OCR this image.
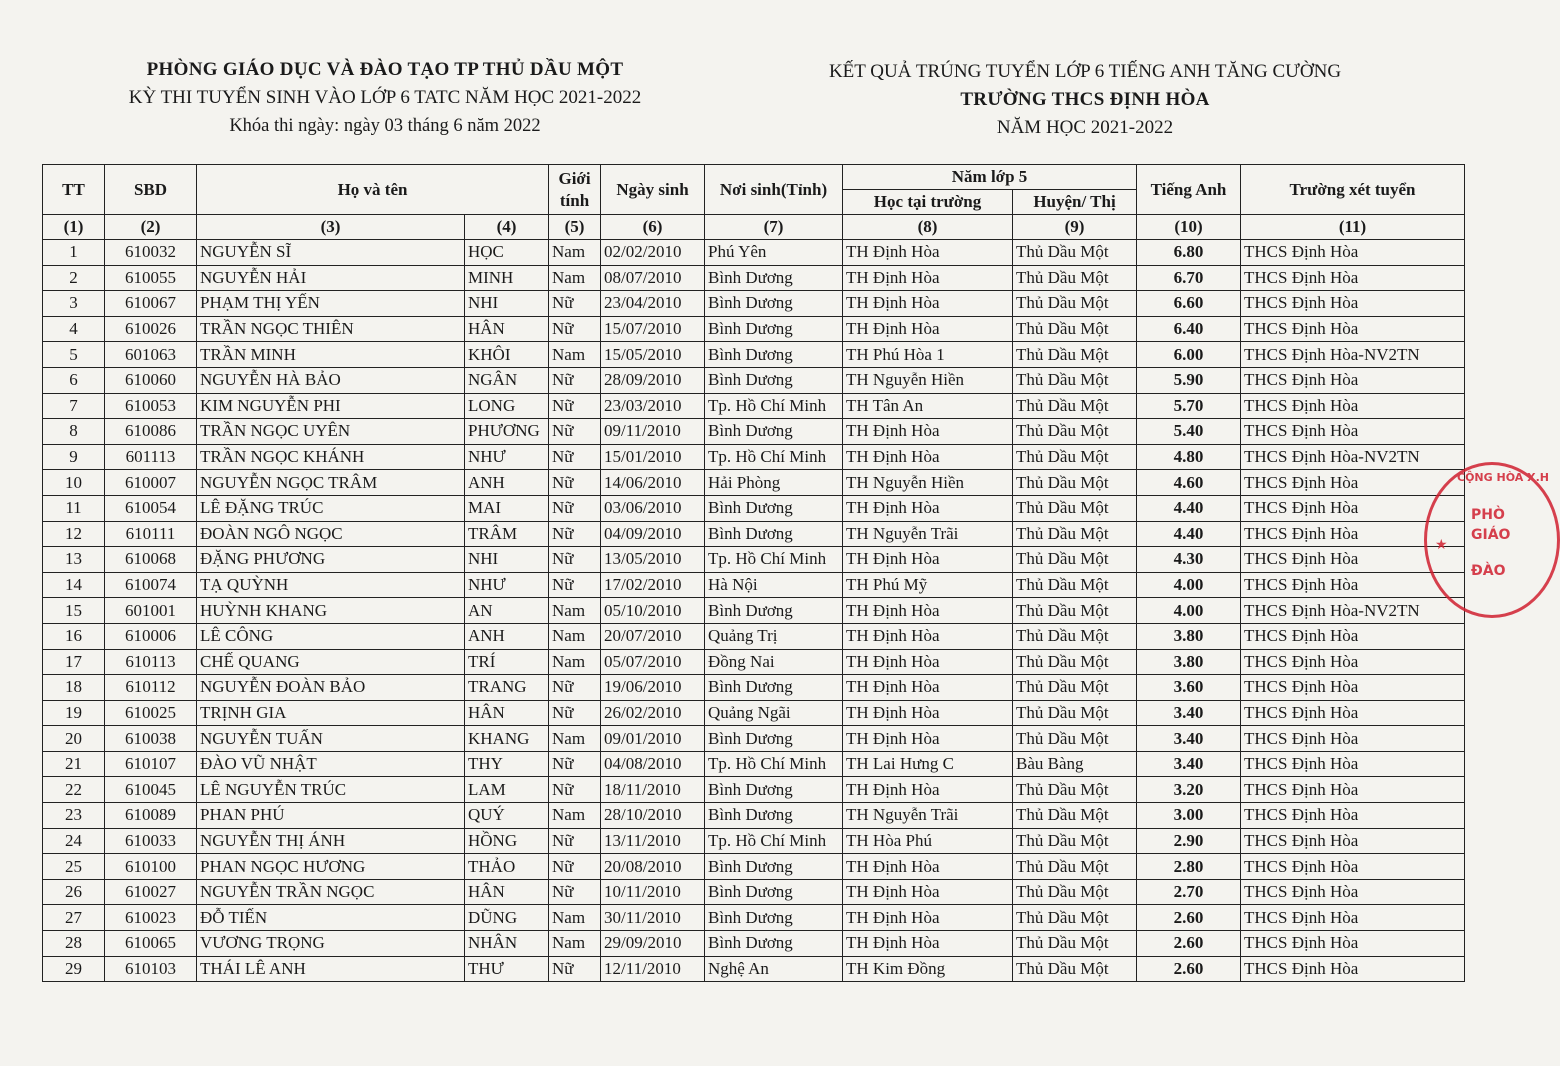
PHÒNG GIÁO DỤC VÀ ĐÀO TẠO TP THỦ DẦU MỘT
KỲ THI TUYỂN SINH VÀO LỚP 6 TATC NĂM HỌC 2021-2022
Khóa thi ngày: ngày 03 tháng 6 năm 2022
KẾT QUẢ TRÚNG TUYỂN LỚP 6 TIẾNG ANH TĂNG CƯỜNG
TRƯỜNG THCS ĐỊNH HÒA
NĂM HỌC 2021-2022
TT	SBD	Họ và tên		Giới tính	Ngày sinh	Nơi sinh(Tỉnh)	Năm lớp 5		Tiếng Anh	Trường xét tuyển
							Học tại trường	Huyện/ Thị		
(1)	(2)	(3)	(4)	(5)	(6)	(7)	(8)	(9)	(10)	(11)
1	610032	NGUYỄN SĨ	HỌC	Nam	02/02/2010	Phú Yên	TH Định Hòa	Thủ Dầu Một	6.80	THCS Định Hòa
2	610055	NGUYỄN HẢI	MINH	Nam	08/07/2010	Bình Dương	TH Định Hòa	Thủ Dầu Một	6.70	THCS Định Hòa
3	610067	PHẠM THỊ YẾN	NHI	Nữ	23/04/2010	Bình Dương	TH Định Hòa	Thủ Dầu Một	6.60	THCS Định Hòa
4	610026	TRẦN NGỌC THIÊN	HÂN	Nữ	15/07/2010	Bình Dương	TH Định Hòa	Thủ Dầu Một	6.40	THCS Định Hòa
5	601063	TRẦN MINH	KHÔI	Nam	15/05/2010	Bình Dương	TH Phú Hòa 1	Thủ Dầu Một	6.00	THCS Định Hòa-NV2TN
6	610060	NGUYỄN HÀ BẢO	NGÂN	Nữ	28/09/2010	Bình Dương	TH Nguyễn Hiền	Thủ Dầu Một	5.90	THCS Định Hòa
7	610053	KIM NGUYỄN PHI	LONG	Nữ	23/03/2010	Tp. Hồ Chí Minh	TH Tân An	Thủ Dầu Một	5.70	THCS Định Hòa
8	610086	TRẦN NGỌC UYÊN	PHƯƠNG	Nữ	09/11/2010	Bình Dương	TH Định Hòa	Thủ Dầu Một	5.40	THCS Định Hòa
9	601113	TRẦN NGỌC KHÁNH	NHƯ	Nữ	15/01/2010	Tp. Hồ Chí Minh	TH Định Hòa	Thủ Dầu Một	4.80	THCS Định Hòa-NV2TN
10	610007	NGUYỄN NGỌC TRÂM	ANH	Nữ	14/06/2010	Hải Phòng	TH Nguyễn Hiền	Thủ Dầu Một	4.60	THCS Định Hòa
11	610054	LÊ ĐẶNG TRÚC	MAI	Nữ	03/06/2010	Bình Dương	TH Định Hòa	Thủ Dầu Một	4.40	THCS Định Hòa
12	610111	ĐOÀN NGÔ NGỌC	TRÂM	Nữ	04/09/2010	Bình Dương	TH Nguyễn Trãi	Thủ Dầu Một	4.40	THCS Định Hòa
13	610068	ĐẶNG PHƯƠNG	NHI	Nữ	13/05/2010	Tp. Hồ Chí Minh	TH Định Hòa	Thủ Dầu Một	4.30	THCS Định Hòa
14	610074	TẠ QUỲNH	NHƯ	Nữ	17/02/2010	Hà Nội	TH Phú Mỹ	Thủ Dầu Một	4.00	THCS Định Hòa
15	601001	HUỲNH KHANG	AN	Nam	05/10/2010	Bình Dương	TH Định Hòa	Thủ Dầu Một	4.00	THCS Định Hòa-NV2TN
16	610006	LÊ CÔNG	ANH	Nam	20/07/2010	Quảng Trị	TH Định Hòa	Thủ Dầu Một	3.80	THCS Định Hòa
17	610113	CHẾ QUANG	TRÍ	Nam	05/07/2010	Đồng Nai	TH Định Hòa	Thủ Dầu Một	3.80	THCS Định Hòa
18	610112	NGUYỄN ĐOÀN BẢO	TRANG	Nữ	19/06/2010	Bình Dương	TH Định Hòa	Thủ Dầu Một	3.60	THCS Định Hòa
19	610025	TRỊNH GIA	HÂN	Nữ	26/02/2010	Quảng Ngãi	TH Định Hòa	Thủ Dầu Một	3.40	THCS Định Hòa
20	610038	NGUYỄN TUẤN	KHANG	Nam	09/01/2010	Bình Dương	TH Định Hòa	Thủ Dầu Một	3.40	THCS Định Hòa
21	610107	ĐÀO VŨ NHẬT	THY	Nữ	04/08/2010	Tp. Hồ Chí Minh	TH Lai Hưng C	Bàu Bàng	3.40	THCS Định Hòa
22	610045	LÊ NGUYỄN TRÚC	LAM	Nữ	18/11/2010	Bình Dương	TH Định Hòa	Thủ Dầu Một	3.20	THCS Định Hòa
23	610089	PHAN PHÚ	QUÝ	Nam	28/10/2010	Bình Dương	TH Nguyễn Trãi	Thủ Dầu Một	3.00	THCS Định Hòa
24	610033	NGUYỄN THỊ ÁNH	HỒNG	Nữ	13/11/2010	Tp. Hồ Chí Minh	TH Hòa Phú	Thủ Dầu Một	2.90	THCS Định Hòa
25	610100	PHAN NGỌC HƯƠNG	THẢO	Nữ	20/08/2010	Bình Dương	TH Định Hòa	Thủ Dầu Một	2.80	THCS Định Hòa
26	610027	NGUYỄN TRẦN NGỌC	HÂN	Nữ	10/11/2010	Bình Dương	TH Định Hòa	Thủ Dầu Một	2.70	THCS Định Hòa
27	610023	ĐỖ TIẾN	DŨNG	Nam	30/11/2010	Bình Dương	TH Định Hòa	Thủ Dầu Một	2.60	THCS Định Hòa
28	610065	VƯƠNG TRỌNG	NHÂN	Nam	29/09/2010	Bình Dương	TH Định Hòa	Thủ Dầu Một	2.60	THCS Định Hòa
29	610103	THÁI LÊ ANH	THƯ	Nữ	12/11/2010	Nghệ An	TH Kim Đồng	Thủ Dầu Một	2.60	THCS Định Hòa
CỘNG HÒA X.H
PHÒ
GIÁO
★
ĐÀO
